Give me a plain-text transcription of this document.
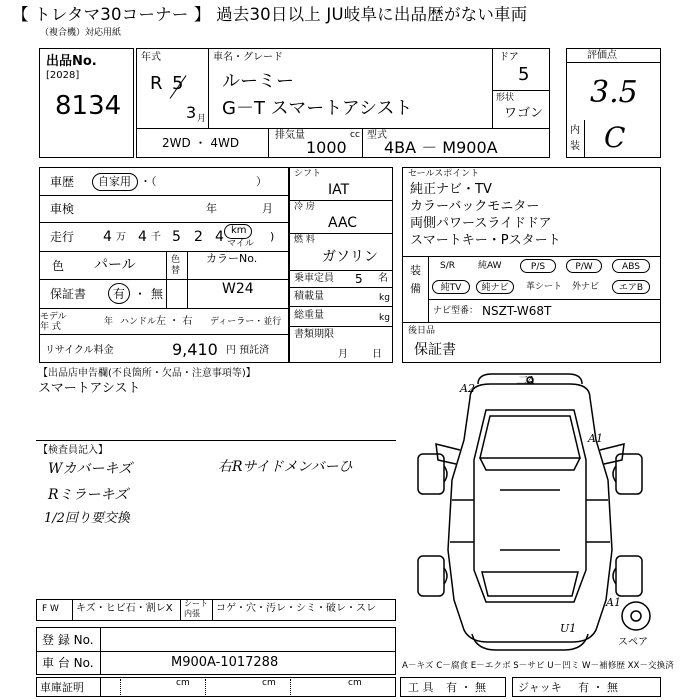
【 トレタマ30コーナー 】 過去30日以上 JU岐阜に出品歴がない車両
（複合機）対応用紙
出品No.
[2028]
8134
年式
R 5
3 月
車名・グレード
ルーミー
G－T スマートアシスト
ドア
5
形状
ワゴン
2WD ・ 4WD
排気量	cc
1000
型式
4BA － M900A
評価点
3.5
内
装 C
車歴 自家用 ・（	）
車検	年	月
走行 4 万 4 千 5 2 4 km
マイル
)
色 パール	色
替
カラーNo.
W24
保証書 有 ・ 無
モデル
年 式	年 ハンドル 左 ・ 右 ディーラー・並行
リサイクル料金	9,410 円 預託済
シフト
IAT
冷 房
AAC
燃 料
ガソリン
乗車定員 5 名
積載量	kg
総重量	kg
書類期限
月 日
セールスポイント
純正ナビ・TV
カラーバックモニター
両側パワースライドドア
スマートキー・Pスタート
装
備
S/R	純AW	P/S	P/W	ABS
純TV	純ナビ	革シート 外ナビ	エアB
ナビ型番： NSZT-W68T
後日品
保証書
【出品店申告欄(不良箇所・欠品・注意事項等)】
スマートアシスト
【検査員記入】
Wカバーキズ	右Rサイドメンバーひ
Rミラーキズ
1/2回り要交換
A2
二A
A1
A1
U1
スペア
F W キズ・ヒビ石・割レX シート
内張 コゲ・穴・汚レ・シミ・破レ・スレ
登 録 No.
車 台 No.	M900A-1017288	A－キズ C－腐食 E－エクボ S－サビ U－凹ミ W－補修歴 XX－交換済
車庫証明	cm	cm	cm	工 具 有 ・ 無	ジャッキ 有 ・ 無
